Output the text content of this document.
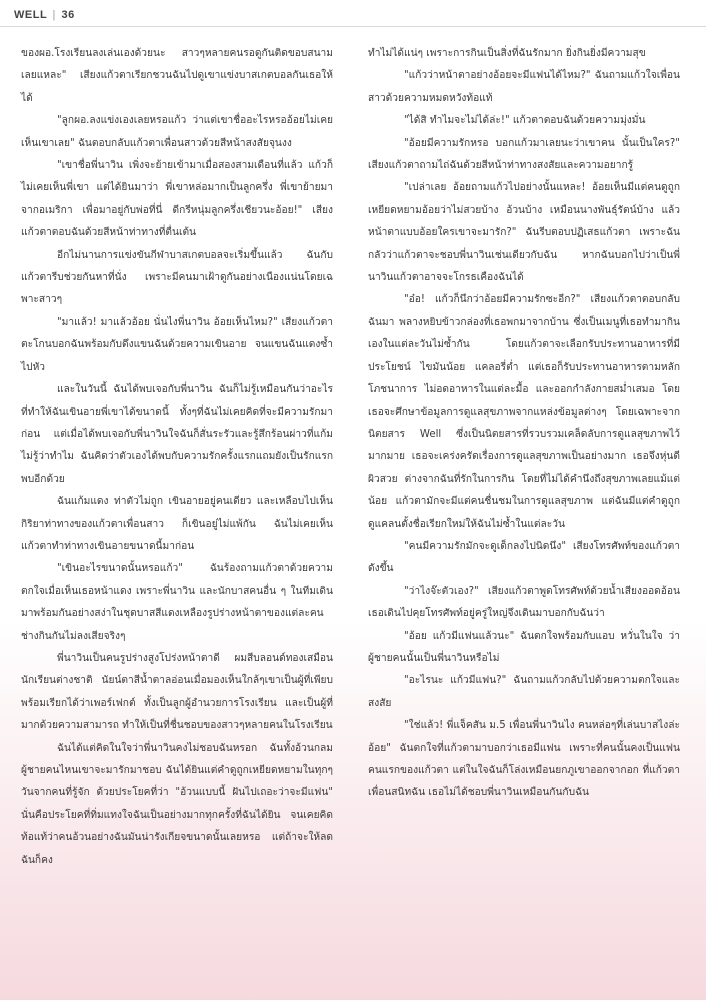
WELL | 36

ของผอ.โรงเรียนลงเล่นเองด้วยนะ สาวๆหลายคนรอดูกันติดขอบสนามเลยแหละ" เสียงแก้วตาเรียกชวนฉันไปดูเขาแข่งบาสเกตบอลกันเธอให้ได้

"ลูกผอ.ลงแข่งเองเลยหรอแก้ว ว่าแต่เขาชื่ออะไรหรออ้อยไม่เคยเห็นเขาเลย" ฉันตอบกลับแก้วตาเพื่อนสาวด้วยสีหน้าสงสัยจุนงง

"เขาชื่อพี่นาวิน เพิ่งจะย้ายเข้ามาเมื่อสองสามเดือนที่แล้ว แก้วก็ไม่เคยเห็นพี่เขา แต่ได้ยินมาว่า พี่เขาหล่อมากเป็นลูกครึ่ง พี่เขาย้ายมาจากอเมริกา เพื่อมาอยู่กับพ่อที่นี่ ดีกรีหนุ่มลูกครึ่งเชียวนะอ้อย!" เสียงแก้วตาตอบฉันด้วยสีหน้าท่าทางที่ตื่นเต้น

อีกไม่นานการแข่งขันกีฬาบาสเกตบอลจะเริ่มขึ้นแล้ว ฉันกับแก้วตารีบช่วยกันหาที่นั่ง เพราะมีคนมาเฝ้าดูกันอย่างเนืองแน่นโดยเฉพาะสาวๆ

"มาแล้ว! มาแล้วอ้อย นั่นไงพี่นาวิน อ้อยเห็นไหม?" เสียงแก้วตาตะโกนบอกฉันพร้อมกับดึงแขนฉันด้วยความเขินอาย จนแขนฉันแดงซ้ำไปหัว

และในวันนี้ ฉันได้พบเจอกับพี่นาวิน ฉันก็ไม่รู้เหมือนกันว่าอะไรที่ทำให้ฉันเขินอายพี่เขาได้ขนาดนี้ ทั้งๆที่ฉันไม่เคยคิดที่จะมีความรักมาก่อน แต่เมื่อได้พบเจอกับพี่นาวินใจฉันก็สั่นระรัวและรู้สึกร้อนผ่าวที่แก้มไม่รู้ว่าทำไม ฉันคิดว่าตัวเองได้พบกับความรักครั้งแรกแถมยังเป็นรักแรกพบอีกด้วย

ฉันแก้มแดง ท่าตัวไม่ถูก เขินอายอยู่คนเดียว และเหลือบไปเห็นกิริยาท่าทางของแก้วตาเพื่อนสาว ก็เขินอยู่ไม่แพ้กัน ฉันไม่เคยเห็นแก้วตาทำท่าทางเขินอายขนาดนี้มาก่อน

"เขินอะไรขนาดนั้นหรอแก้ว" ฉันร้องถามแก้วตาด้วยความตกใจเมื่อเห็นเธอหน้าแดง เพราะพี่นาวิน และนักบาสคนอื่น ๆ ในทีมเดินมาพร้อมกันอย่างสง่าในชุดบาสสีแดงเหลืองรูปร่างหน้าตาของแต่ละคนช่างกินกันไม่ลงเสียจริงๆ

พี่นาวินเป็นคนรูปร่างสูงโปร่งหน้าตาดี ผมสีบลอนด์ทองเสมือนนักเรียนต่างชาติ นัยน์ตาสีน้ำตาลอ่อนเมื่อมองเห็นใกล้ๆเขาเป็นผู้ที่เพียบพร้อมเรียกได้ว่าเพอร์เฟกต์ ทั้งเป็นลูกผู้อำนวยการโรงเรียน และเป็นผู้ที่มากด้วยความสามารถ ทำให้เป็นที่ชื่นชอบของสาวๆหลายคนในโรงเรียน

ฉันได้แต่คิดในใจว่าพี่นาวินคงไม่ชอบฉันหรอก ฉันทั้งอ้วนกลม ผู้ชายคนไหนเขาจะมารักมาชอบ ฉันได้ยินแต่คำดูถูกเหยียดหยามในทุกๆวันจากคนที่รู้จัก ด้วยประโยคที่ว่า "อ้วนแบบนี้ ฝันไปเถอะว่าจะมีแฟน" นั่นคือประโยคที่ทิ่มแทงใจฉันเป็นอย่างมากทุกครั้งที่ฉันได้ยิน จนเคยคิดท้อแท้ว่าคนอ้วนอย่างฉันมันน่ารังเกียจขนาดนั้นเลยหรอ แต่ถ้าจะให้ลด ฉันก็คง

ทำไม่ได้แน่ๆ เพราะการกินเป็นสิ่งที่ฉันรักมาก ยิ่งกินยิ่งมีความสุข

"แก้วว่าหน้าตาอย่างอ้อยจะมีแฟนได้ไหม?" ฉันถามแก้วใจเพื่อนสาวด้วยความหมดหวังท้อแท้

"ได้สิ ทำไมจะไม่ได้ล่ะ!" แก้วตาตอบฉันด้วยความมุ่งมั่น

"อ้อยมีความรักหรอ บอกแก้วมาเลยนะว่าเขาคน นั้นเป็นใคร?" เสียงแก้วตาถามไถ่ฉันด้วยสีหน้าท่าทางสงสัยและความอยากรู้

"เปล่าเลย อ้อยถามแก้วไปอย่างนั้นแหละ! อ้อยเห็นมีแต่คนดูถูกเหยียดหยามอ้อยว่าไม่สวยบ้าง อ้วนบ้าง เหมือนนางพันธุ์รัตน์บ้าง แล้วหน้าตาแบบอ้อยใครเขาจะมารัก?" ฉันรีบตอบปฏิเสธแก้วตา เพราะฉันกลัวว่าแก้วตาจะชอบพี่นาวินเช่นเดียวกับฉัน หากฉันบอกไปว่าเป็นพี่นาวินแก้วตาอาจจะโกรธเคืองฉันได้

"อ๋อ! แก้วก็นึกว่าอ้อยมีความรักซะอีก?" เสียงแก้วตาตอบกลับฉันมา พลางหยิบข้าวกล่องที่เธอพกมาจากบ้าน ซึ่งเป็นเมนูที่เธอทำมากินเองในแต่ละวันไม่ซ้ำกัน โดยแก้วตาจะเลือกรับประทานอาหารที่มีประโยชน์ ไขมันน้อย แคลอรี่ต่ำ แต่เธอก็รับประทานอาหารตามหลักโภชนาการ ไม่อดอาหารในแต่ละมื้อ และออกกำลังกายสม่ำเสมอ โดยเธอจะศึกษาข้อมูลการดูแลสุขภาพจากแหล่งข้อมูลต่างๆ โดยเฉพาะจากนิตยสาร Well ซึ่งเป็นนิตยสารที่รวบรวมเคล็ดลับการดูแลสุขภาพไว้มากมาย เธอจะเคร่งครัดเรื่องการดูแลสุขภาพเป็นอย่างมาก เธอจึงหุ่นดี ผิวสวย ต่างจากฉันที่รักในการกิน โดยที่ไม่ได้คำนึงถึงสุขภาพเลยแม้แต่น้อย แก้วตามักจะมีแต่คนชื่นชมในการดูแลสุขภาพ แต่ฉันมีแต่คำดูถูกดูแคลนตั้งชื่อเรียกใหม่ให้ฉันไม่ซ้ำในแต่ละวัน

"คนมีความรักมักจะดูเด็กลงไปนิดนึง" เสียงโทรศัพท์ของแก้วตาดังขึ้น

"ว่าไงจ๊ะตัวเอง?" เสียงแก้วตาพูดโทรศัพท์ด้วยน้ำเสียงออดอ้อน เธอเดินไปคุยโทรศัพท์อยู่ครู่ใหญ่จึงเดินมาบอกกับฉันว่า

"อ้อย แก้วมีแฟนแล้วนะ" ฉันตกใจพร้อมกับแอบ หวั่นในใจ ว่าผู้ชายคนนั้นเป็นพี่นาวินหรือไม่

"อะไรนะ แก้วมีแฟน?" ฉันถามแก้วกลับไปด้วยความตกใจและสงสัย

"ใช่แล้ว! พี่แจ็คสัน ม.5 เพื่อนพี่นาวินไง คนหล่อๆที่เล่นบาสไงล่ะอ้อย" ฉันตกใจที่แก้วตามาบอกว่าเธอมีแฟน เพราะที่คนนั้นคงเป็นแฟนคนแรกของแก้วตา แต่ในใจฉันก็โล่งเหมือนยกภูเขาออกจากอก ที่แก้วตาเพื่อนสนิทฉัน เธอไม่ได้ชอบพี่นาวินเหมือนกันกับฉัน
